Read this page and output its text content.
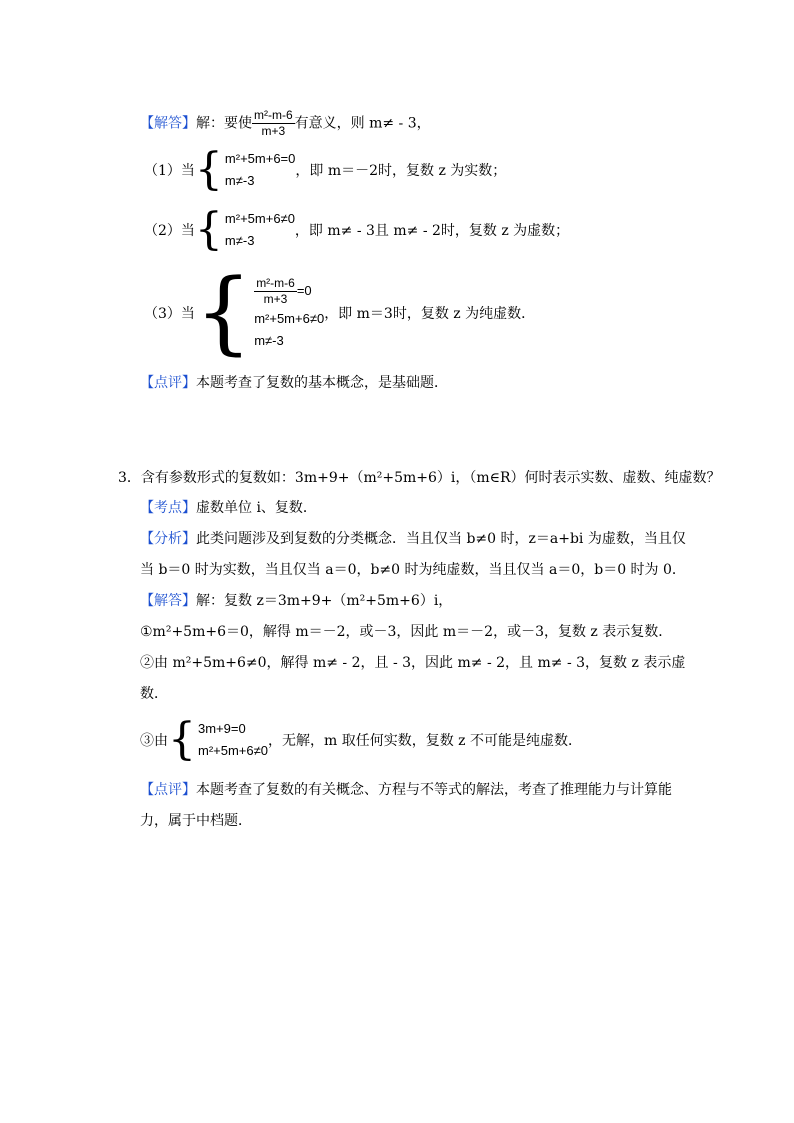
【解答】解：要使 $\frac{\text{m²-m-6}}{m+3}$ 有意义，则 m≠ - 3，
（1）当 { m²+5m+6=0
m≠-3
，即 m＝－2时，复数 z 为实数；
（2）当 { m²+5m+6≠0
m≠-3
，即 m≠ - 3且 m≠ - 2时，复数 z 为虚数；
（3）当 { $\frac{\text{m²-m-6}}{m+3} =0$
m²+5m+6≠0
m≠-3
，即 m＝3时，复数 z 为纯虚数．
【点评】本题考查了复数的基本概念，是基础题．
3．含有参数形式的复数如：3m+9+（m²+5m+6）i，（m∈R）何时表示实数、虚数、纯虚数？
【考点】虚数单位 i、复数．
【分析】此类问题涉及到复数的分类概念．当且仅当 b≠0 时，z＝a+bi 为虚数，当且仅
当 b＝0 时为实数，当且仅当 a＝0，b≠0 时为纯虚数，当且仅当 a＝0，b＝0 时为 0．
【解答】解：复数 z＝3m+9+（m²+5m+6）i，
①m²+5m+6＝0，解得 m＝－2，或－3，因此 m＝－2，或－3，复数 z 表示复数．
②由 m²+5m+6≠0，解得 m≠ - 2，且 - 3，因此 m≠ - 2，且 m≠ - 3，复数 z 表示虚
数．
③由 { 3m+9=0
m²+5m+6≠0
，无解，m 取任何实数，复数 z 不可能是纯虚数．
【点评】本题考查了复数的有关概念、方程与不等式的解法，考查了推理能力与计算能
力，属于中档题．
